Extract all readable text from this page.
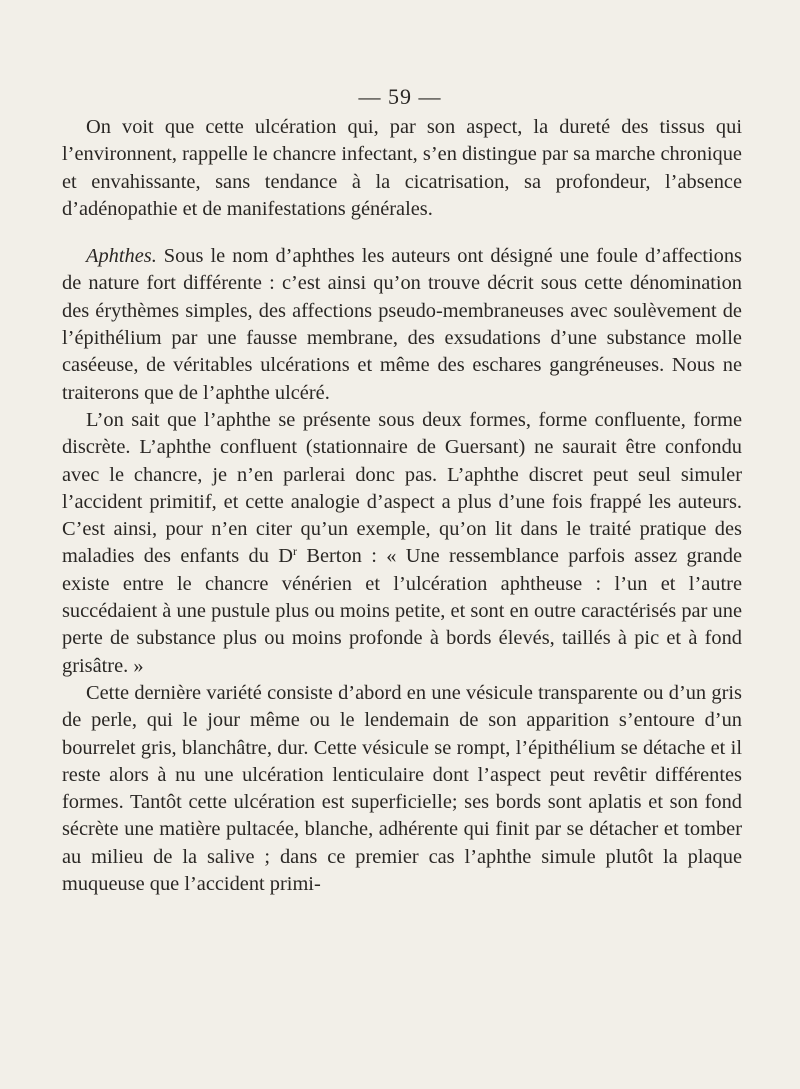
— 59 —

On voit que cette ulcération qui, par son aspect, la dureté des tissus qui l’environnent, rappelle le chancre infectant, s’en distingue par sa marche chronique et envahissante, sans tendance à la cicatrisation, sa profondeur, l’absence d’adénopathie et de manifestations générales.

Aphthes. Sous le nom d’aphthes les auteurs ont désigné une foule d’affections de nature fort différente : c’est ainsi qu’on trouve décrit sous cette dénomination des érythèmes simples, des affections pseudo-membraneuses avec soulèvement de l’épithélium par une fausse membrane, des exsudations d’une substance molle caséeuse, de véritables ulcérations et même des eschares gangréneuses. Nous ne traiterons que de l’aphthe ulcéré.

L’on sait que l’aphthe se présente sous deux formes, forme confluente, forme discrète. L’aphthe confluent (stationnaire de Guersant) ne saurait être confondu avec le chancre, je n’en parlerai donc pas. L’aphthe discret peut seul simuler l’accident primitif, et cette analogie d’aspect a plus d’une fois frappé les auteurs. C’est ainsi, pour n’en citer qu’un exemple, qu’on lit dans le traité pratique des maladies des enfants du $D^r$ Berton : « Une ressemblance parfois assez grande existe entre le chancre vénérien et l’ulcération aphtheuse : l’un et l’autre succédaient à une pustule plus ou moins petite, et sont en outre caractérisés par une perte de substance plus ou moins profonde à bords élevés, taillés à pic et à fond grisâtre. »

Cette dernière variété consiste d’abord en une vésicule transparente ou d’un gris de perle, qui le jour même ou le lendemain de son apparition s’entoure d’un bourrelet gris, blanchâtre, dur. Cette vésicule se rompt, l’épithélium se détache et il reste alors à nu une ulcération lenticulaire dont l’aspect peut revêtir différentes formes. Tantôt cette ulcération est superficielle; ses bords sont aplatis et son fond sécrète une matière pultacée, blanche, adhérente qui finit par se détacher et tomber au milieu de la salive ; dans ce premier cas l’aphthe simule plutôt la plaque muqueuse que l’accident primi-
